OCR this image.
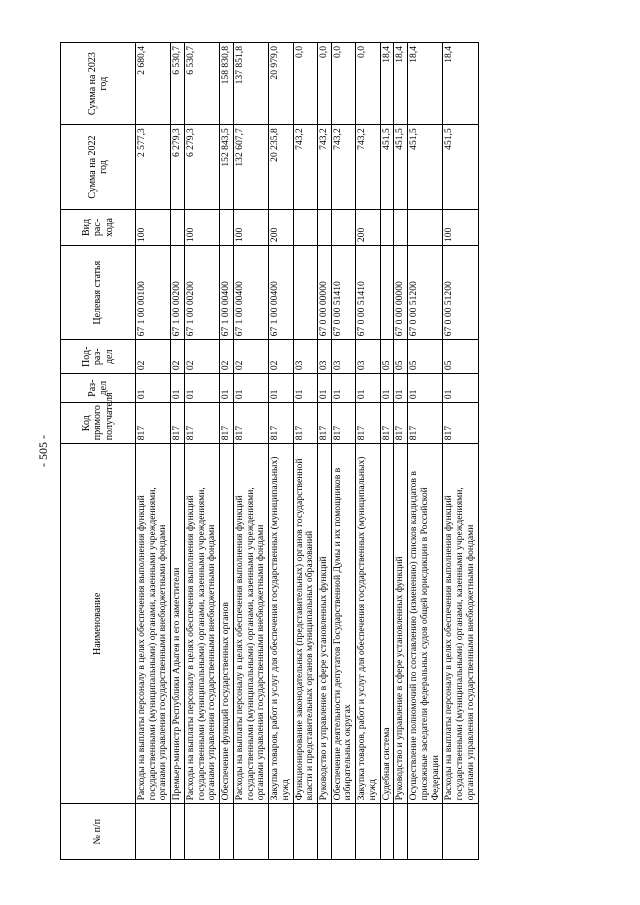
- 505 -
№ п/п	Наименование	Код прямого получателя	Раз-дел	Под-раз-дел	Целевая статья	Вид рас-хода	Сумма на 2022 год	Сумма на 2023 год
	Расходы на выплаты персоналу в целях обеспечения выполнения функций государственными (муниципальными) органами, казенными учреждениями, органами управления государственными внебюджетными фондами	817	01	02	67 1 00 00100	100	2 577,3	2 680,4
	Премьер-министр Республики Адыгея и его заместители	817	01	02	67 1 00 00200		6 279,3	6 530,7
	Расходы на выплаты персоналу в целях обеспечения выполнения функций государственными (муниципальными) органами, казенными учреждениями, органами управления государственными внебюджетными фондами	817	01	02	67 1 00 00200	100	6 279,3	6 530,7
	Обеспечение функций государственных органов	817	01	02	67 1 00 00400		152 843,5	158 830,8
	Расходы на выплаты персоналу в целях обеспечения выполнения функций государственными (муниципальными) органами, казенными учреждениями, органами управления государственными внебюджетными фондами	817	01	02	67 1 00 00400	100	132 607,7	137 851,8
	Закупка товаров, работ и услуг для обеспечения государственных (муниципальных) нужд	817	01	02	67 1 00 00400	200	20 235,8	20 979,0
	Функционирование законодательных (представительных) органов государственной власти и представительных органов муниципальных образований	817	01	03			743,2	0,0
	Руководство и управление в сфере установленных функций	817	01	03	67 0 00 00000		743,2	0,0
	Обеспечение деятельности депутатов Государственной Думы и их помощников в избирательных округах	817	01	03	67 0 00 51410		743,2	0,0
	Закупка товаров, работ и услуг для обеспечения государственных (муниципальных) нужд	817	01	03	67 0 00 51410	200	743,2	0,0
	Судебная система	817	01	05			451,5	18,4
	Руководство и управление в сфере установленных функций	817	01	05	67 0 00 00000		451,5	18,4
	Осуществление полномочий по составлению (изменению) списков кандидатов в присяжные заседатели федеральных судов общей юрисдикции в Российской Федерации	817	01	05	67 0 00 51200		451,5	18,4
	Расходы на выплаты персоналу в целях обеспечения выполнения функций государственными (муниципальными) органами, казенными учреждениями, органами управления государственными внебюджетными фондами	817	01	05	67 0 00 51200	100	451,5	18,4
